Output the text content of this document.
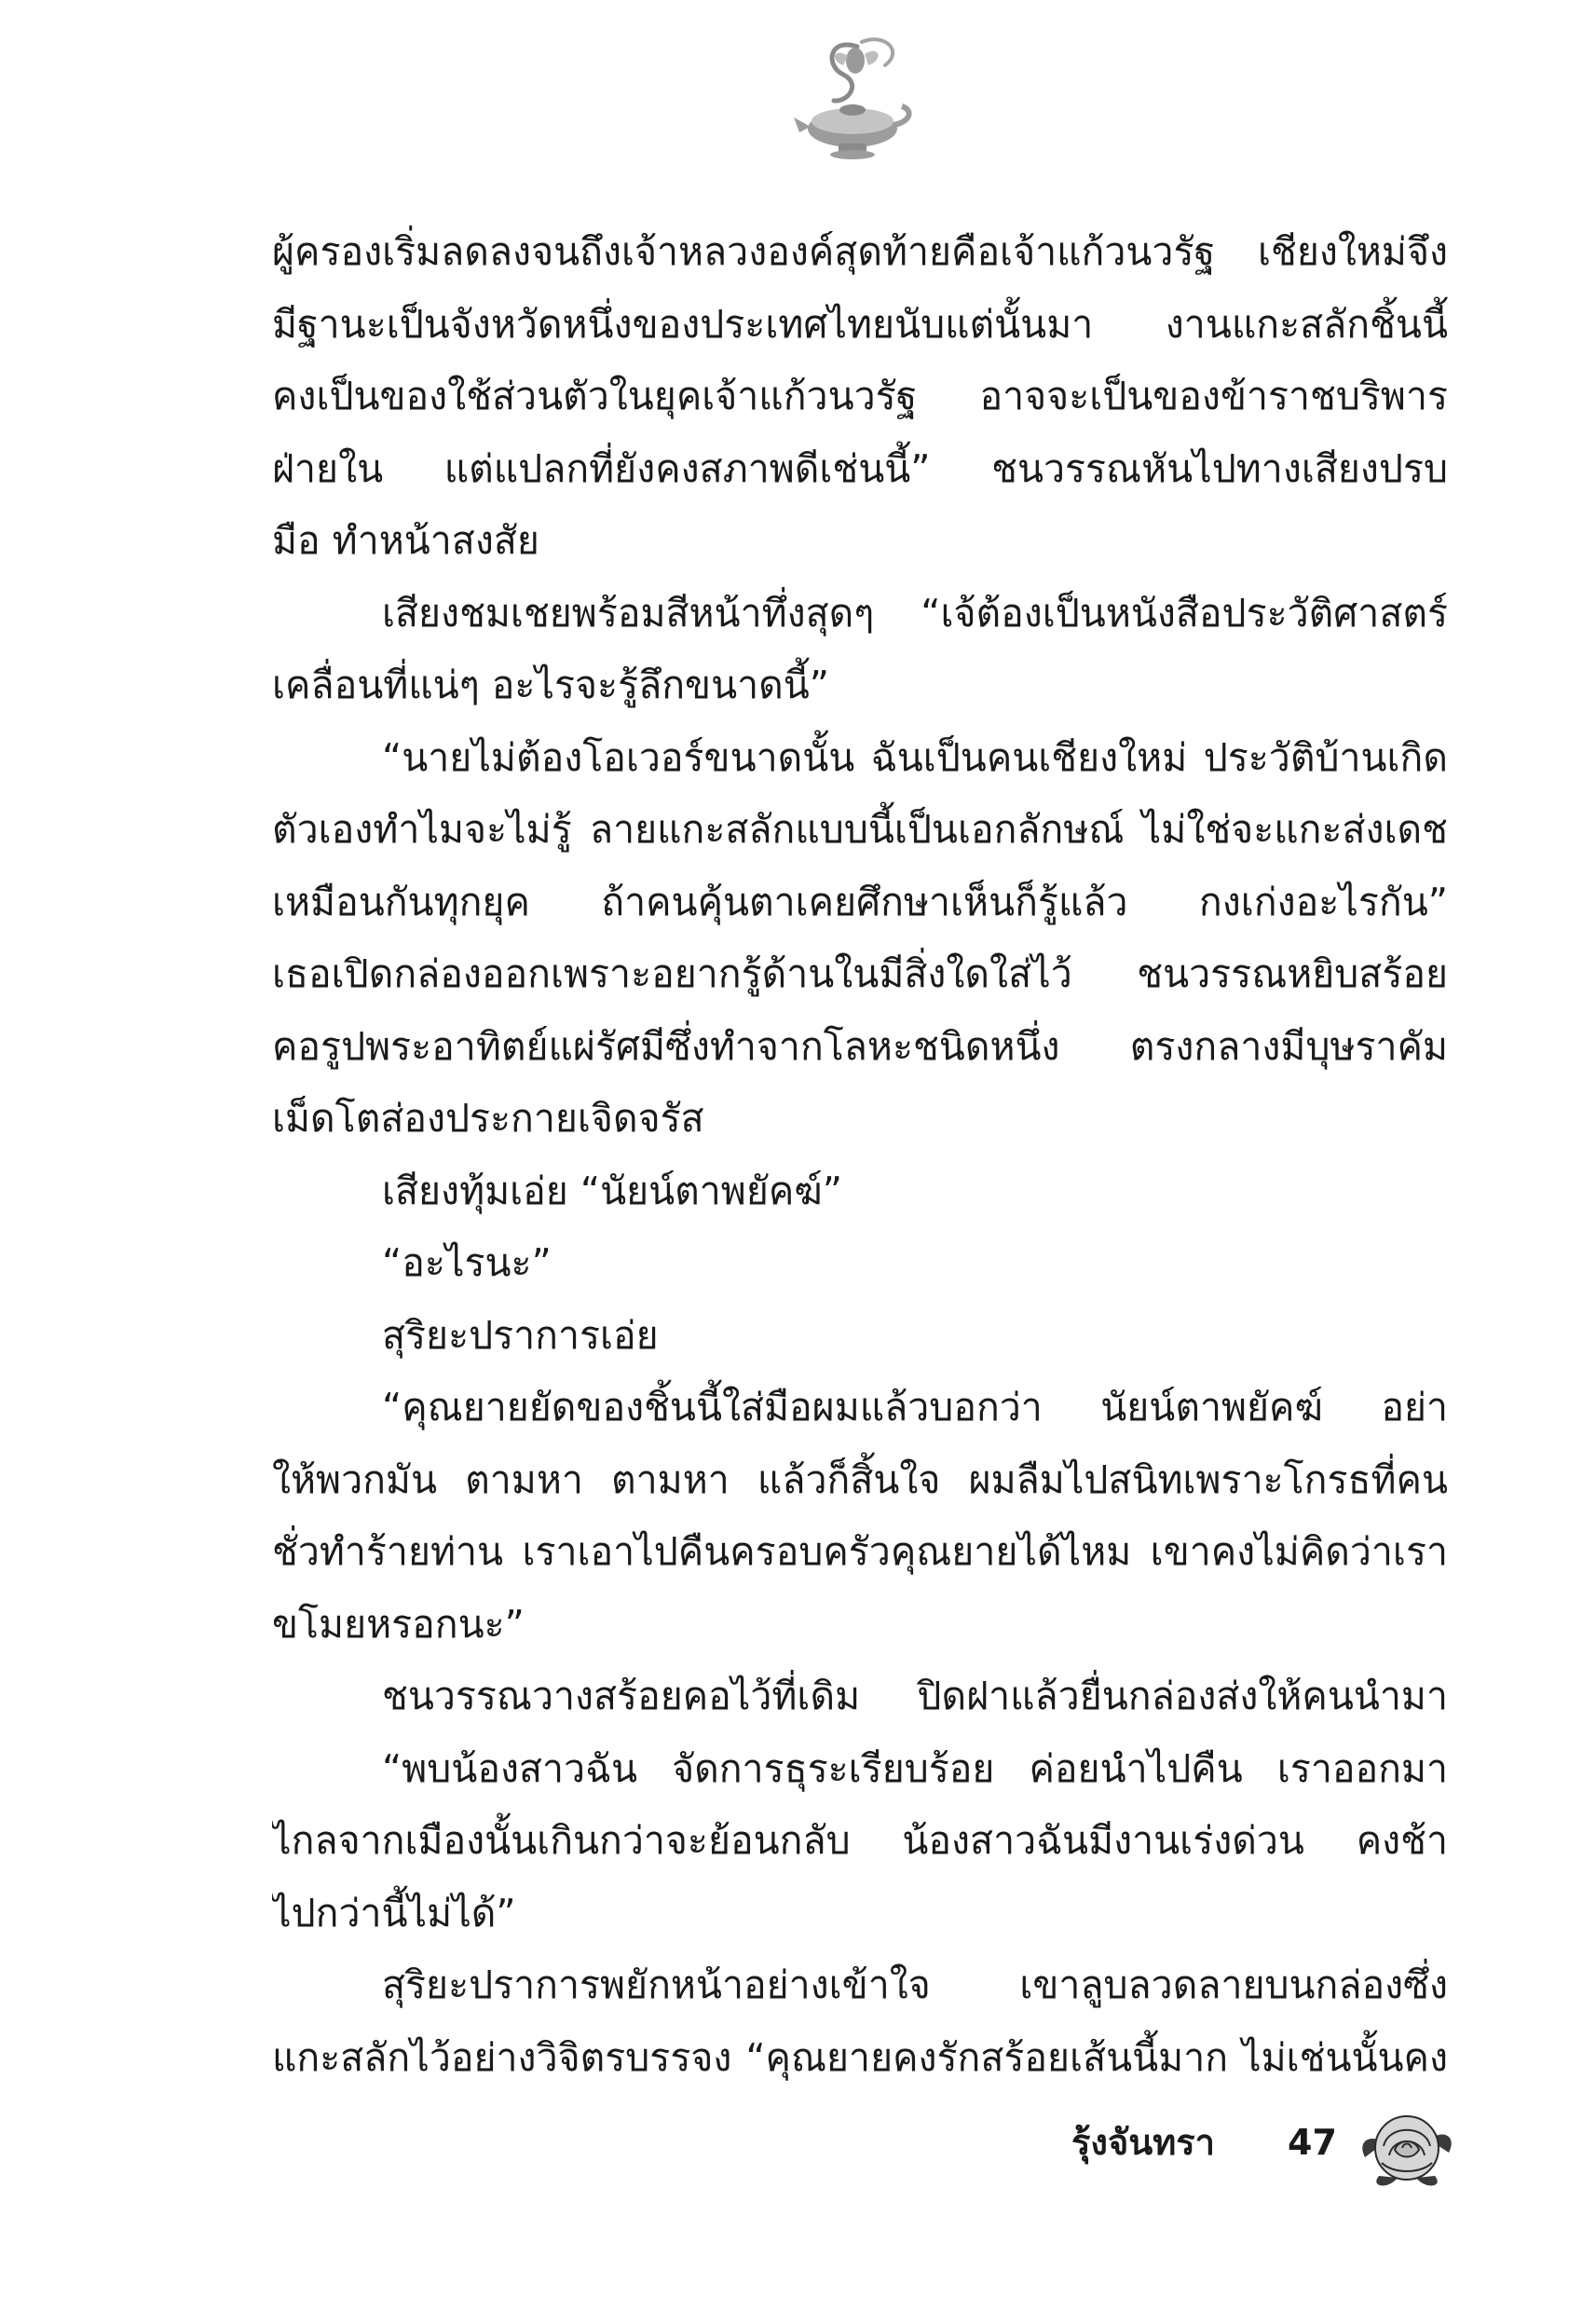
ผู้ครองเริ่มลดลงจนถึงเจ้าหลวงองค์สุดท้ายคือเจ้าแก้วนวรัฐ เชียงใหม่จึง
มีฐานะเป็นจังหวัดหนึ่งของประเทศไทยนับแต่นั้นมา งานแกะสลักชิ้นนี้
คงเป็นของใช้ส่วนตัวในยุคเจ้าแก้วนวรัฐ อาจจะเป็นของข้าราชบริพาร
ฝ่ายใน แต่แปลกที่ยังคงสภาพดีเช่นนี้” ชนวรรณหันไปทางเสียงปรบ
มือ ทำหน้าสงสัย
เสียงชมเชยพร้อมสีหน้าทึ่งสุดๆ “เจ้ต้องเป็นหนังสือประวัติศาสตร์
เคลื่อนที่แน่ๆ อะไรจะรู้ลึกขนาดนี้”
“นายไม่ต้องโอเวอร์ขนาดนั้น ฉันเป็นคนเชียงใหม่ ประวัติบ้านเกิด
ตัวเองทำไมจะไม่รู้ ลายแกะสลักแบบนี้เป็นเอกลักษณ์ ไม่ใช่จะแกะส่งเดช
เหมือนกันทุกยุค ถ้าคนคุ้นตาเคยศึกษาเห็นก็รู้แล้ว กงเก่งอะไรกัน”
เธอเปิดกล่องออกเพราะอยากรู้ด้านในมีสิ่งใดใส่ไว้ ชนวรรณหยิบสร้อย
คอรูปพระอาทิตย์แผ่รัศมีซึ่งทำจากโลหะชนิดหนึ่ง ตรงกลางมีบุษราคัม
เม็ดโตส่องประกายเจิดจรัส
เสียงทุ้มเอ่ย “นัยน์ตาพยัคฆ์”
“อะไรนะ”
สุริยะปราการเอ่ย
“คุณยายยัดของชิ้นนี้ใส่มือผมแล้วบอกว่า นัยน์ตาพยัคฆ์ อย่า
ให้พวกมัน ตามหา ตามหา แล้วก็สิ้นใจ ผมลืมไปสนิทเพราะโกรธที่คน
ชั่วทำร้ายท่าน เราเอาไปคืนครอบครัวคุณยายได้ไหม เขาคงไม่คิดว่าเรา
ขโมยหรอกนะ”
ชนวรรณวางสร้อยคอไว้ที่เดิม ปิดฝาแล้วยื่นกล่องส่งให้คนนำมา
“พบน้องสาวฉัน จัดการธุระเรียบร้อย ค่อยนำไปคืน เราออกมา
ไกลจากเมืองนั้นเกินกว่าจะย้อนกลับ น้องสาวฉันมีงานเร่งด่วน คงช้า
ไปกว่านี้ไม่ได้”
สุริยะปราการพยักหน้าอย่างเข้าใจ เขาลูบลวดลายบนกล่องซึ่ง
แกะสลักไว้อย่างวิจิตรบรรจง “คุณยายคงรักสร้อยเส้นนี้มาก ไม่เช่นนั้นคง
รุ้งจันทรา 47
